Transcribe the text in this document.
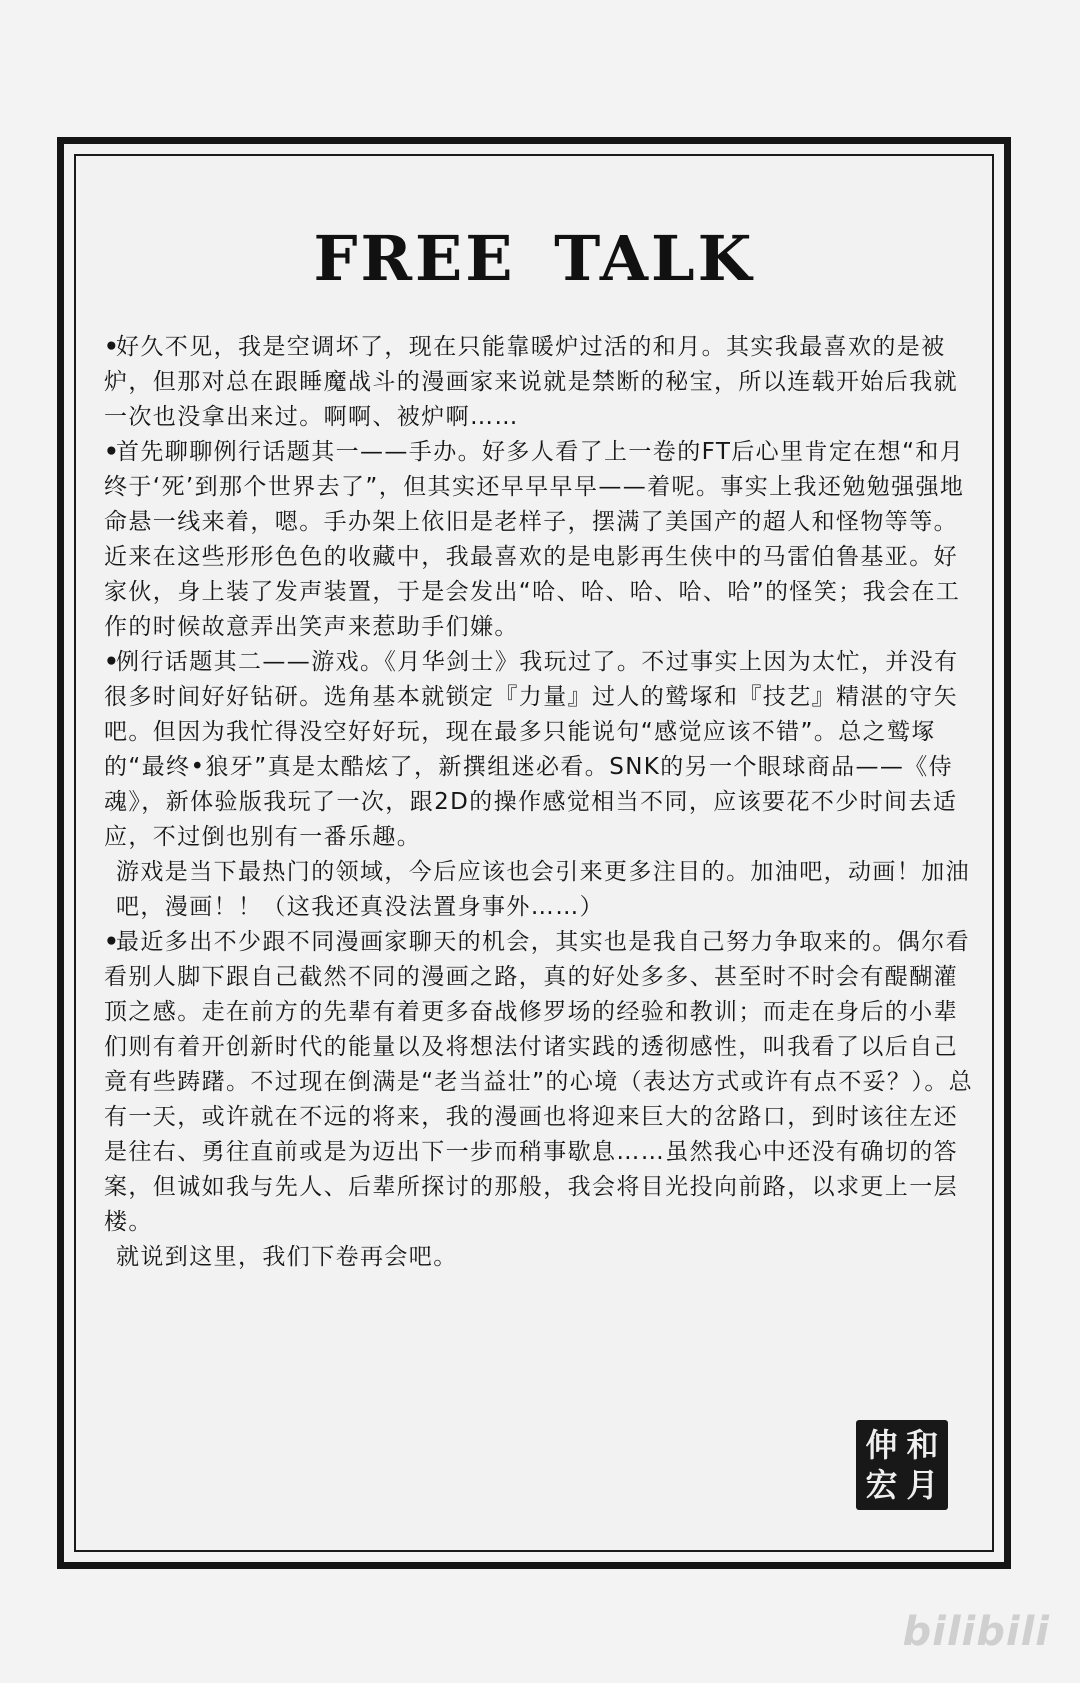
FREE TALK

•好久不见，我是空调坏了，现在只能靠暖炉过活的和月。其实我最喜欢的是被炉，但那对总在跟睡魔战斗的漫画家来说就是禁断的秘宝，所以连载开始后我就一次也没拿出来过。啊啊、被炉啊……

•首先聊聊例行话题其一——手办。好多人看了上一卷的FT后心里肯定在想“和月终于‘死’到那个世界去了”，但其实还早早早早——着呢。事实上我还勉勉强强地命悬一线来着，嗯。手办架上依旧是老样子，摆满了美国产的超人和怪物等等。近来在这些形形色色的收藏中，我最喜欢的是电影再生侠中的马雷伯鲁基亚。好家伙，身上装了发声装置，于是会发出“哈、哈、哈、哈、哈”的怪笑；我会在工作的时候故意弄出笑声来惹助手们嫌。

•例行话题其二——游戏。《月华剑士》我玩过了。不过事实上因为太忙，并没有很多时间好好钻研。选角基本就锁定『力量』过人的鹫塚和『技艺』精湛的守矢吧。但因为我忙得没空好好玩，现在最多只能说句“感觉应该不错”。总之鹫塚的“最终•狼牙”真是太酷炫了，新撰组迷必看。SNK的另一个眼球商品——《侍魂》，新体验版我玩了一次，跟2D的操作感觉相当不同，应该要花不少时间去适应，不过倒也别有一番乐趣。

游戏是当下最热门的领域，今后应该也会引来更多注目的。加油吧，动画！加油吧，漫画！！（这我还真没法置身事外……）

•最近多出不少跟不同漫画家聊天的机会，其实也是我自己努力争取来的。偶尔看看别人脚下跟自己截然不同的漫画之路，真的好处多多、甚至时不时会有醍醐灌顶之感。走在前方的先辈有着更多奋战修罗场的经验和教训；而走在身后的小辈们则有着开创新时代的能量以及将想法付诸实践的透彻感性，叫我看了以后自己竟有些踌躇。不过现在倒满是“老当益壮”的心境（表达方式或许有点不妥？）。总有一天，或许就在不远的将来，我的漫画也将迎来巨大的岔路口，到时该往左还是往右、勇往直前或是为迈出下一步而稍事歇息……虽然我心中还没有确切的答案，但诚如我与先人、后辈所探讨的那般，我会将目光投向前路，以求更上一层楼。

就说到这里，我们下卷再会吧。

伸 和
宏 月
bilibili
